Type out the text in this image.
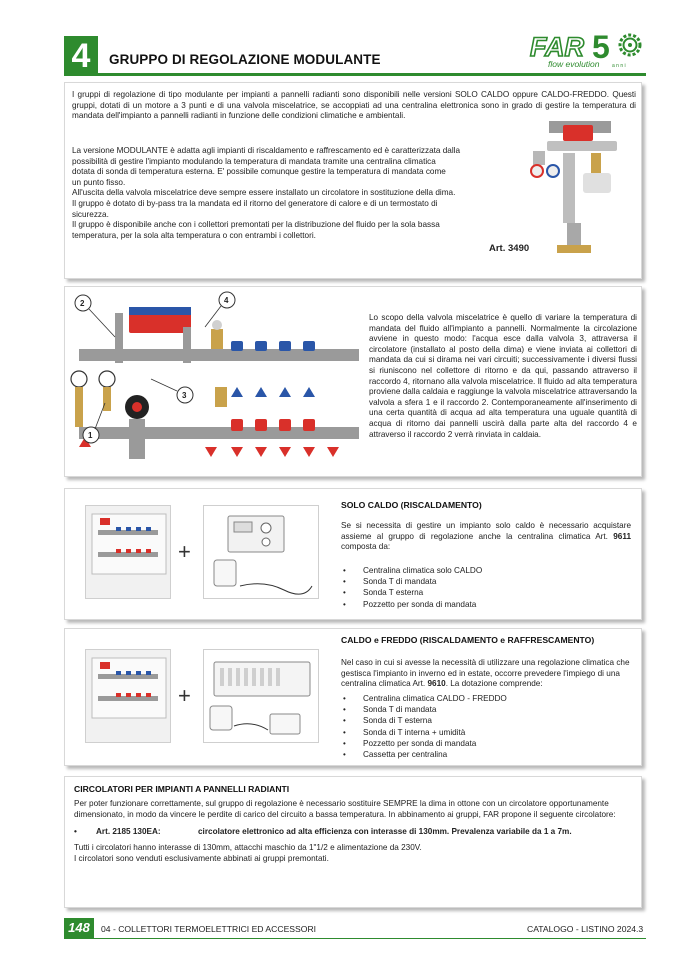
4	GRUPPO DI REGOLAZIONE MODULANTE	FAR 5
flow evolution a n n i
I gruppi di regolazione di tipo modulante per impianti a pannelli radianti sono disponibili nelle versioni SOLO CALDO oppure CALDO-FREDDO. Questi gruppi, dotati di un motore a 3 punti e di una valvola miscelatrice, se accoppiati ad una centralina elettronica sono in grado di gestire la temperatura di mandata dell'impianto a pannelli radianti in funzione delle condizioni climatiche e ambientali.
La versione MODULANTE è adatta agli impianti di riscaldamento e raffrescamento ed è caratterizzata dalla
possibilità di gestire l'impianto modulando la temperatura di mandata tramite una centralina climatica
dotata di sonda di temperatura esterna. E' possibile comunque gestire la temperatura di mandata come
un punto fisso.
All'uscita della valvola miscelatrice deve sempre essere installato un circolatore in sostituzione della dima.
Il gruppo è dotato di by-pass tra la mandata ed il ritorno del generatore di calore e di un termostato di
sicurezza.
Il gruppo è disponibile anche con i collettori premontati per la distribuzione del fluido per la sola bassa
temperatura, per la sola alta temperatura o con entrambi i collettori.
Art. 3490
2	4
3
1
Lo scopo della valvola miscelatrice è quello di variare la temperatura di mandata del fluido all'impianto a pannelli. Normalmente la circolazione avviene in questo modo: l'acqua esce dalla valvola 3, attraversa il circolatore (installato al posto della dima) e viene inviata ai collettori di mandata da cui si dirama nei vari circuiti; successivamente i diversi flussi si riuniscono nel collettore di ritorno e da qui, passando attraverso il raccordo 4, ritornano alla valvola miscelatrice. Il fluido ad alta temperatura proviene dalla caldaia e raggiunge la valvola miscelatrice attraversando la valvola a sfera 1 e il raccordo 2. Contemporaneamente all'inserimento di una certa quantità di acqua ad alta temperatura una uguale quantità di acqua di ritorno dai pannelli uscirà dalla parte alta del raccordo 4 e attraverso il raccordo 2 verrà rinviata in caldaia.
+
SOLO CALDO (RISCALDAMENTO)
Se si necessita di gestire un impianto solo caldo è necessario acquistare assieme al gruppo di regolazione anche la centralina climatica Art. 9611 composta da:
• Centralina climatica solo CALDO
• Sonda T di mandata
• Sonda T esterna
• Pozzetto per sonda di mandata
+
CALDO e FREDDO (RISCALDAMENTO e RAFFRESCAMENTO)
Nel caso in cui si avesse la necessità di utilizzare una regolazione climatica che gestisca l'impianto in inverno ed in estate, occorre prevedere l'impiego di una centralina climatica Art. 9610. La dotazione comprende:
• Centralina climatica CALDO - FREDDO
• Sonda T di mandata
• Sonda di T esterna
• Sonda di T interna + umidità
• Pozzetto per sonda di mandata
• Cassetta per centralina
CIRCOLATORI PER IMPIANTI A PANNELLI RADIANTI
Per poter funzionare correttamente, sul gruppo di regolazione è necessario sostituire SEMPRE la dima in ottone con un circolatore opportunamente dimensionato, in modo da vincere le perdite di carico del circuito a bassa temperatura. In abbinamento ai gruppi, FAR propone il seguente circolatore:
• Art. 2185 130EA:	circolatore elettronico ad alta efficienza con interasse di 130mm. Prevalenza variabile da 1 a 7m.
Tutti i circolatori hanno interasse di 130mm, attacchi maschio da 1"1/2 e alimentazione da 230V.
I circolatori sono venduti esclusivamente abbinati ai gruppi premontati.
148	04 - COLLETTORI TERMOELETTRICI ED ACCESSORI	CATALOGO - LISTINO 2024.3
